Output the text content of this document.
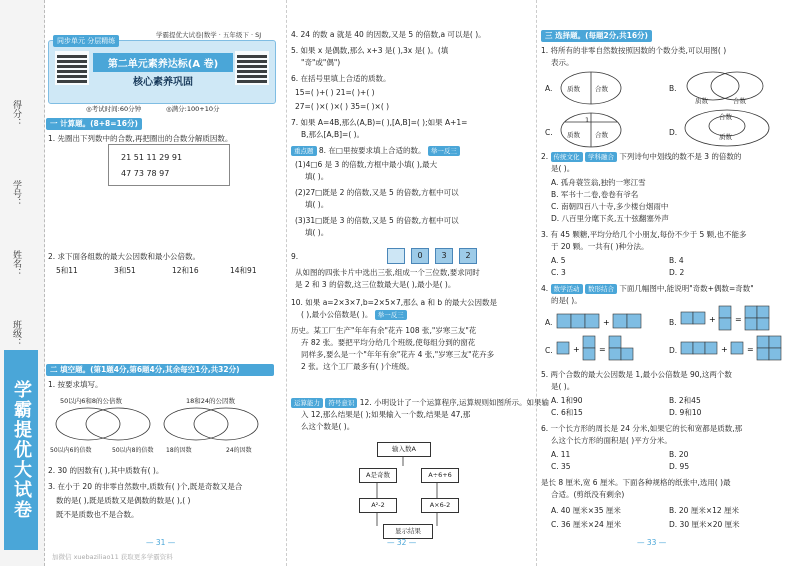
得分：
学号：
姓名：
班级：
学霸提优大试卷
学霸提优大试卷|数学 · 五年级下 · SJ
同步单元 分层精练
第二单元素养达标(A 卷)
核心素养巩固
◎考试时间:60分钟	◎满分:100+10分
一 计算题。(8+8=16分)
1. 先圈出下列数中的合数,再把圈出的合数分解质因数。
21 51 11 29 91
47 73 78 97
2. 求下面各组数的最大公因数和最小公倍数。
5和11	3和51	12和16	14和91
二 填空题。(第1题4分,第6题4分,其余每空1分,共32分)
1. 按要求填写。
50以内6和8的公倍数	18和24的公因数
50以内6的倍数	50以内8的倍数 18的因数	24的因数
2. 30 的因数有( ),其中质数有( )。
3. 在小于 20 的非零自然数中,质数有( )个,既是奇数又是合
数的是( ),既是质数又是偶数的数是( ),( )
既不是质数也不是合数。
— 31 —
4. 24 的数 a 就是 40 的因数,又是 5 的倍数,a 可以是( )。
5. 如果 x 是偶数,那么 x+3 是( ),3x 是( )。(填
"奇"或"偶")
6. 在括号里填上合适的质数。
15=( )+( ) 21=( )+( )
27=( )×( )×( ) 35=( )×( )
7. 如果 A=4B,那么(A,B)=( ),[A,B]=( );如果 A+1=
B,那么[A,B]=( )。
重点题 8. 在□里按要求填上合适的数。 举一反三
(1)4□6 是 3 的倍数,方框中最小填( ),最大
填( )。
(2)27□既是 2 的倍数,又是 5 的倍数,方框中可以
填( )。
(3)31□既是 3 的倍数,又是 5 的倍数,方框中可以
填( )。
9.	0	3	2
从如图的四张卡片中选出三张,组成一个三位数,要求同时
是 2 和 3 的倍数,这三位数最大是( ),最小是( )。
10. 如果 a=2×3×7,b=2×5×7,那么 a 和 b 的最大公因数是
( ),最小公倍数是( )。 举一反三
历史。某工厂生产"年年有余"花卉 108 张,"岁寒三友"花
卉 82 张。要把平均分给几个班级,使每组分到的窗花
同样多,要么是一个"年年有余"花卉 4 张,"岁寒三友"花卉多
2 张。这个工厂最多有( )个班级。
运算能力 符号意识 12. 小明设计了一个运算程序,运算规则如图所示。如果输
入 12,那么结果是( );如果输入一个数,结果是 47,那
么这个数是( )。
输入数A
A是奇数	A÷6+6
A²-2	A×6-2
显示结果
— 32 —
三 选择题。(每题2分,共16分)
1. 将所有的非零自然数按照因数的个数分类,可以用图( )
表示。
A. 质数 合数	B.
质数	合数
C.
1
质数 合数	D.
合数
质数
2. 传统文化 学科融合 下列诗句中划线的数不是 3 的倍数的
是( )。
A. 孤舟蓑笠翁,独钓一寒江雪
B. 军书十二卷,卷卷有爷名
C. 南朝四百八十寺,多少楼台烟雨中
D. 八百里分麾下炙,五十弦翻塞外声
3. 有 45 颗糖,平均分给几个小朋友,每份不少于 5 颗,也不能多
于 20 颗。一共有( )种分法。
A. 5	B. 4
C. 3	D. 2
4. 数学活动 数形结合 下面几幅图中,能说明"奇数+偶数=奇数"
的是( )。
A.	+	B.	+ =
C.	+ =	D.	+ =
5. 两个合数的最大公因数是 1,最小公倍数是 90,这两个数
是( )。
A. 1和90	B. 2和45
C. 6和15	D. 9和10
6. 一个长方形的周长是 24 分米,如果它的长和宽都是质数,那
么这个长方形的面积是( )平方分米。
A. 11	B. 20
C. 35	D. 95
是长 8 厘米,宽 6 厘米。下面各种规格的纸张中,选用( )最
合适。(剪纸没有剩余)
A. 40 厘米×35 厘米	B. 20 厘米×12 厘米
C. 36 厘米×24 厘米	D. 30 厘米×20 厘米
— 33 —
加微信 xuebaziliao11 获取更多学霸资料
